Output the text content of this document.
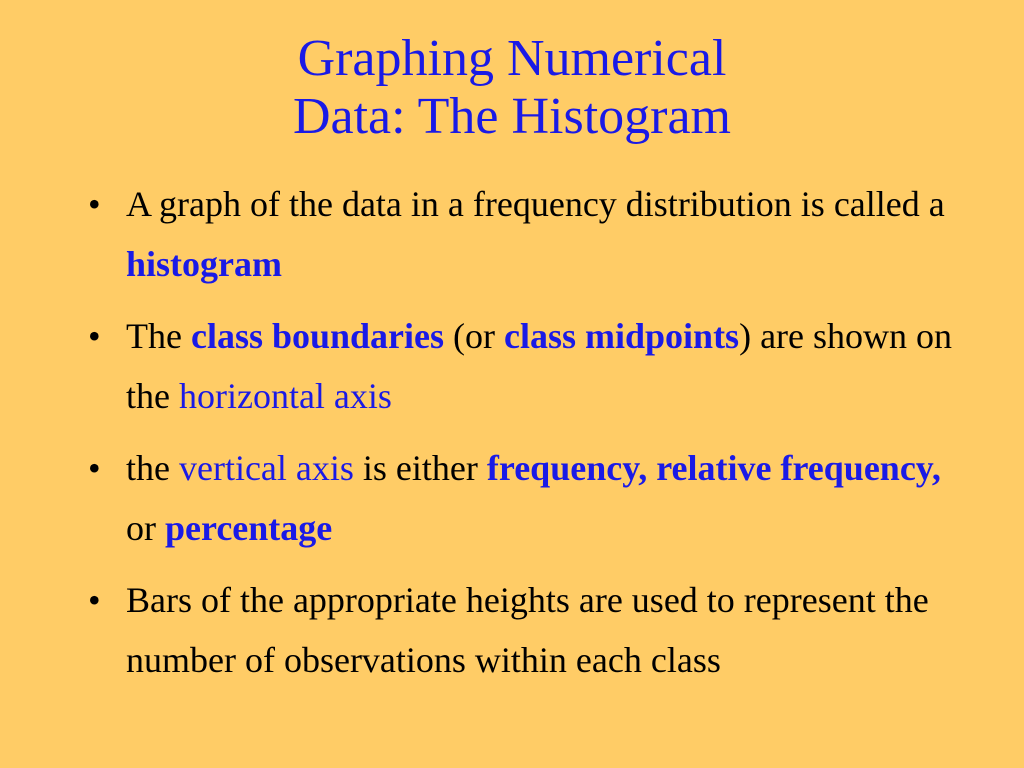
Graphing Numerical
Data: The Histogram
• A graph of the data in a frequency distribution is called a histogram
• The class boundaries (or class midpoints) are shown on the horizontal axis
• the vertical axis is either frequency, relative frequency, or percentage
• Bars of the appropriate heights are used to represent the number of observations within each class
